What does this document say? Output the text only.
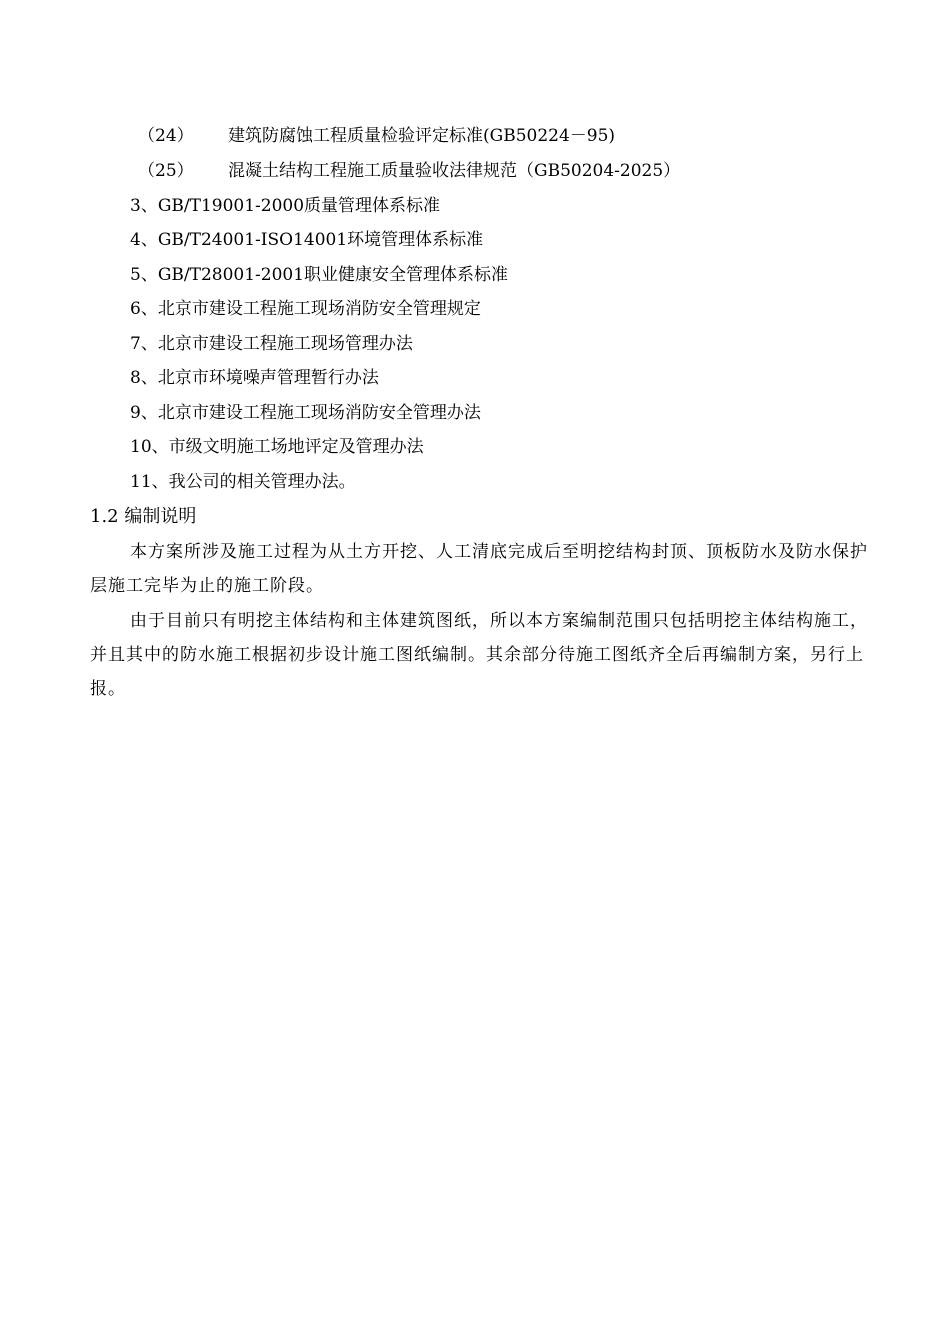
（24） 建筑防腐蚀工程质量检验评定标准(GB50224－95)
（25） 混凝土结构工程施工质量验收法律规范（GB50204-2025）
3、GB/T19001-2000质量管理体系标准
4、GB/T24001-ISO14001环境管理体系标准
5、GB/T28001-2001职业健康安全管理体系标准
6、北京市建设工程施工现场消防安全管理规定
7、北京市建设工程施工现场管理办法
8、北京市环境噪声管理暂行办法
9、北京市建设工程施工现场消防安全管理办法
10、市级文明施工场地评定及管理办法
11、我公司的相关管理办法。
1.2 编制说明
本方案所涉及施工过程为从土方开挖、人工清底完成后至明挖结构封顶、顶板防水及防水保护层施工完毕为止的施工阶段。
由于目前只有明挖主体结构和主体建筑图纸，所以本方案编制范围只包括明挖主体结构施工，并且其中的防水施工根据初步设计施工图纸编制。其余部分待施工图纸齐全后再编制方案，另行上报。
